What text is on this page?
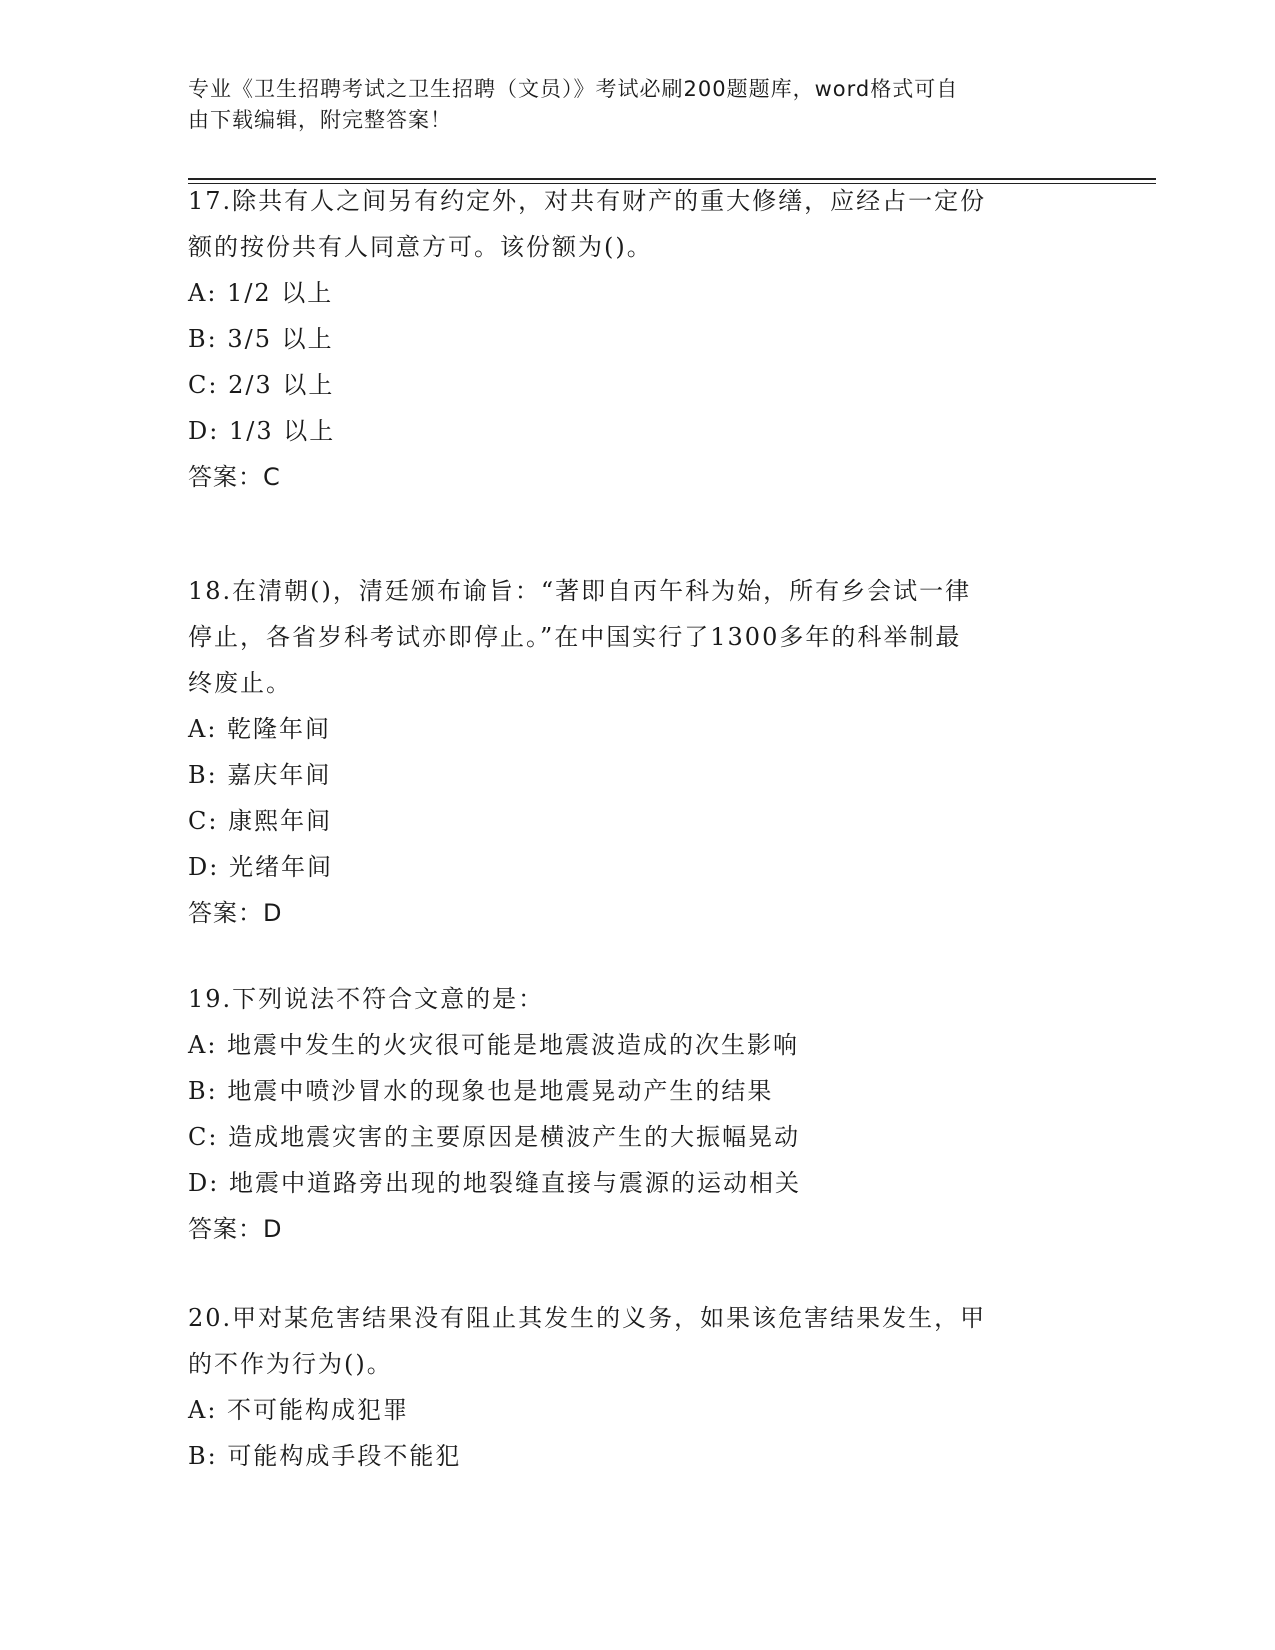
专业《卫生招聘考试之卫生招聘（文员）》考试必刷200题题库，word格式可自
由下载编辑，附完整答案！
17.除共有人之间另有约定外，对共有财产的重大修缮，应经占一定份
额的按份共有人同意方可。该份额为()。
A: 1/2 以上
B: 3/5 以上
C: 2/3 以上
D: 1/3 以上
答案：C
18.在清朝()，清廷颁布谕旨：“著即自丙午科为始，所有乡会试一律
停止，各省岁科考试亦即停止。”在中国实行了1300多年的科举制最
终废止。
A: 乾隆年间
B: 嘉庆年间
C: 康熙年间
D: 光绪年间
答案：D
19.下列说法不符合文意的是：
A: 地震中发生的火灾很可能是地震波造成的次生影响
B: 地震中喷沙冒水的现象也是地震晃动产生的结果
C: 造成地震灾害的主要原因是横波产生的大振幅晃动
D: 地震中道路旁出现的地裂缝直接与震源的运动相关
答案：D
20.甲对某危害结果没有阻止其发生的义务，如果该危害结果发生，甲
的不作为行为()。
A: 不可能构成犯罪
B: 可能构成手段不能犯
